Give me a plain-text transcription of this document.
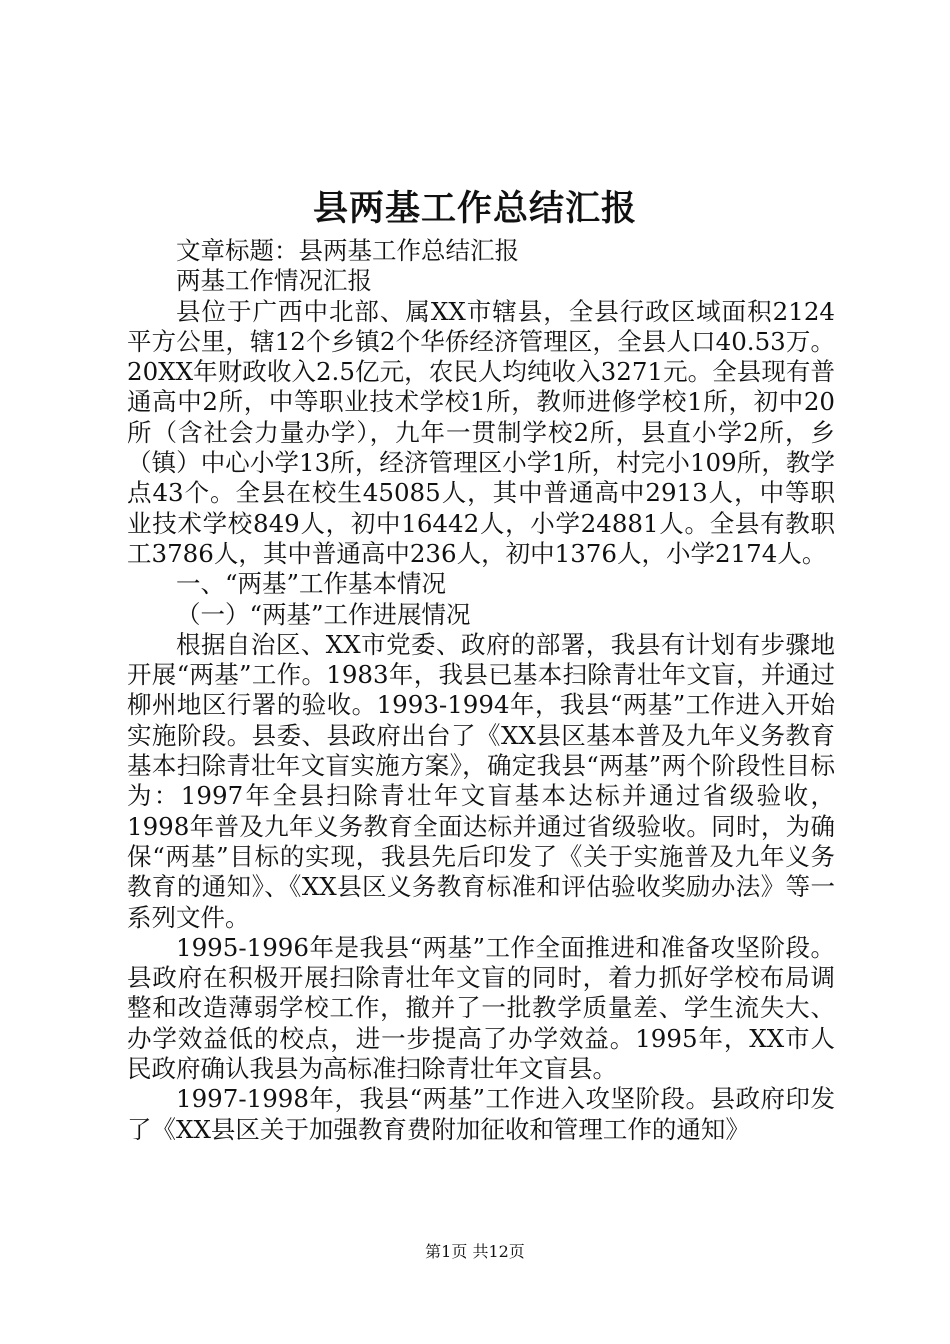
县两基工作总结汇报

文章标题：县两基工作总结汇报

两基工作情况汇报

县位于广西中北部、属XX市辖县，全县行政区域面积2124平方公里，辖12个乡镇2个华侨经济管理区，全县人口40.53万。20XX年财政收入2.5亿元，农民人均纯收入3271元。全县现有普通高中2所，中等职业技术学校1所，教师进修学校1所，初中20所（含社会力量办学），九年一贯制学校2所，县直小学2所，乡（镇）中心小学13所，经济管理区小学1所，村完小109所，教学点43个。全县在校生45085人，其中普通高中2913人，中等职业技术学校849人，初中16442人，小学24881人。全县有教职工3786人，其中普通高中236人，初中1376人，小学2174人。

一、“两基”工作基本情况

（一）“两基”工作进展情况

根据自治区、XX市党委、政府的部署，我县有计划有步骤地开展“两基”工作。1983年，我县已基本扫除青壮年文盲，并通过柳州地区行署的验收。1993-1994年，我县“两基”工作进入开始实施阶段。县委、县政府出台了《XX县区基本普及九年义务教育基本扫除青壮年文盲实施方案》，确定我县“两基”两个阶段性目标为：1997年全县扫除青壮年文盲基本达标并通过省级验收，1998年普及九年义务教育全面达标并通过省级验收。同时，为确保“两基”目标的实现，我县先后印发了《关于实施普及九年义务教育的通知》、《XX县区义务教育标准和评估验收奖励办法》等一系列文件。

1995-1996年是我县“两基”工作全面推进和准备攻坚阶段。县政府在积极开展扫除青壮年文盲的同时，着力抓好学校布局调整和改造薄弱学校工作，撤并了一批教学质量差、学生流失大、办学效益低的校点，进一步提高了办学效益。1995年，XX市人民政府确认我县为高标准扫除青壮年文盲县。

1997-1998年，我县“两基”工作进入攻坚阶段。县政府印发了《XX县区关于加强教育费附加征收和管理工作的通知》

第1页 共12页
